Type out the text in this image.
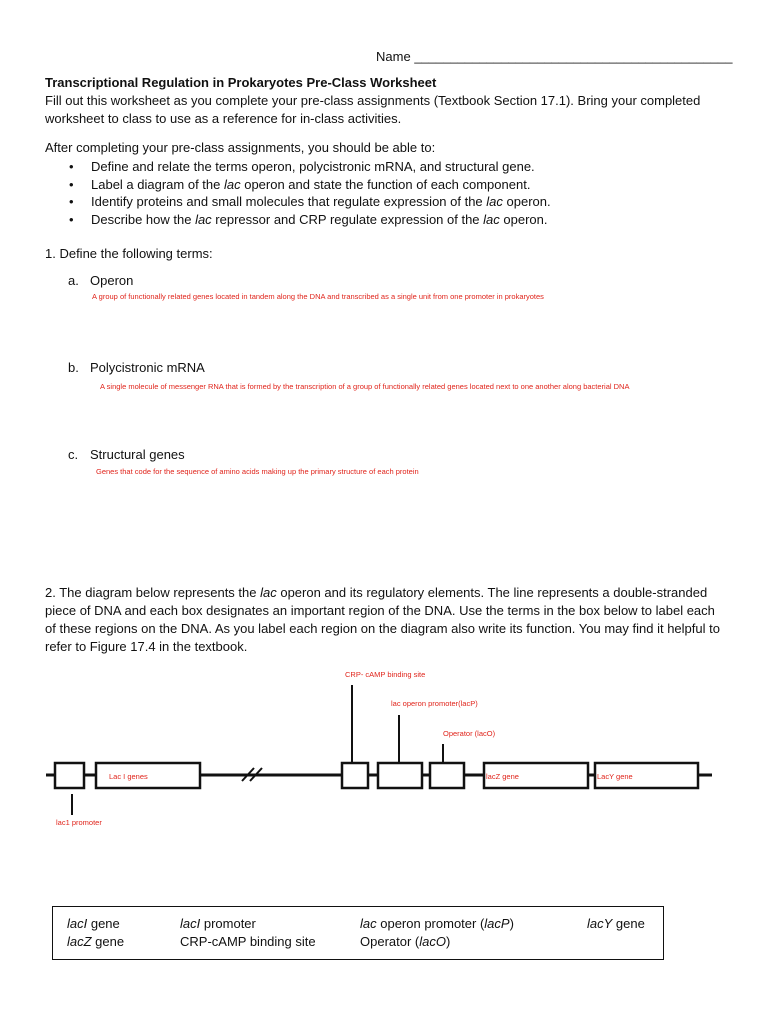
Name ____________________________________________
Transcriptional Regulation in Prokaryotes Pre-Class Worksheet
Fill out this worksheet as you complete your pre-class assignments (Textbook Section 17.1). Bring your completed worksheet to class to use as a reference for in-class activities.
After completing your pre-class assignments, you should be able to:
• Define and relate the terms operon, polycistronic mRNA, and structural gene.
• Label a diagram of the lac operon and state the function of each component.
• Identify proteins and small molecules that regulate expression of the lac operon.
• Describe how the lac repressor and CRP regulate expression of the lac operon.
1. Define the following terms:
a. Operon
A group of functionally related genes located in tandem along the DNA and transcribed as a single unit from one promoter in prokaryotes
b. Polycistronic mRNA
A single molecule of messenger RNA that is formed by the transcription of a group of functionally related genes located next to one another along bacterial DNA
c. Structural genes
Genes that code for the sequence of amino acids making up the primary structure of each protein
2. The diagram below represents the lac operon and its regulatory elements. The line represents a double-stranded piece of DNA and each box designates an important region of the DNA. Use the terms in the box below to label each of these regions on the DNA. As you label each region on the diagram also write its function. You may find it helpful to refer to Figure 17.4 in the textbook.
CRP- cAMP binding site
lac operon promoter(lacP)
Operator (lacO)
Lac I genes	lacZ gene	LacY gene
lac1 promoter
lacI gene	lacI promoter	lac operon promoter (lacP)	lacY gene
lacZ gene	CRP-cAMP binding site	Operator (lacO)
